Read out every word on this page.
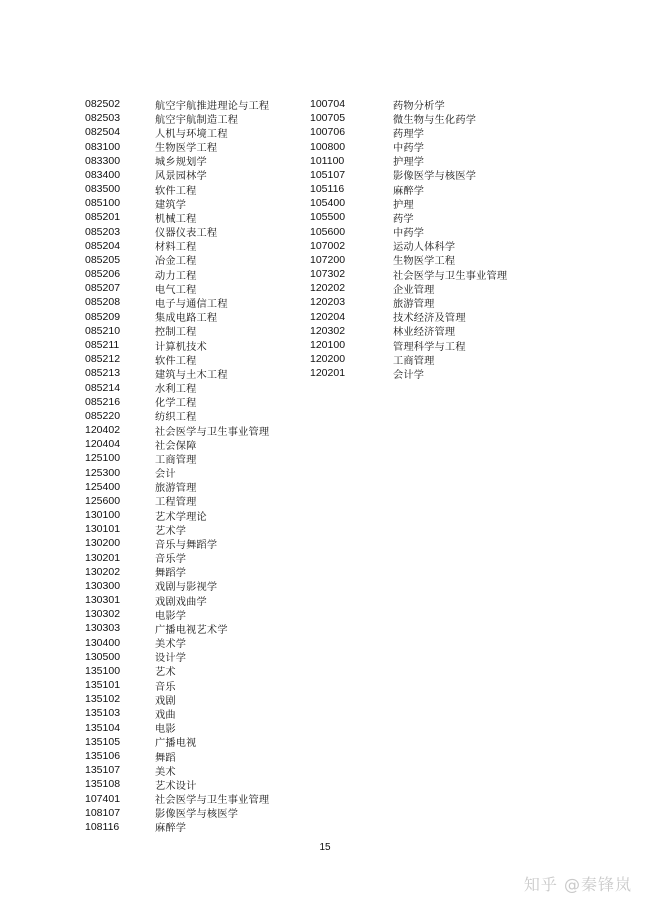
082502	航空宇航推进理论与工程
082503	航空宇航制造工程
082504	人机与环境工程
083100	生物医学工程
083300	城乡规划学
083400	风景园林学
083500	软件工程
085100	建筑学
085201	机械工程
085203	仪器仪表工程
085204	材料工程
085205	冶金工程
085206	动力工程
085207	电气工程
085208	电子与通信工程
085209	集成电路工程
085210	控制工程
085211	计算机技术
085212	软件工程
085213	建筑与土木工程
085214	水利工程
085216	化学工程
085220	纺织工程
120402	社会医学与卫生事业管理
120404	社会保障
125100	工商管理
125300	会计
125400	旅游管理
125600	工程管理
130100	艺术学理论
130101	艺术学
130200	音乐与舞蹈学
130201	音乐学
130202	舞蹈学
130300	戏剧与影视学
130301	戏剧戏曲学
130302	电影学
130303	广播电视艺术学
130400	美术学
130500	设计学
135100	艺术
135101	音乐
135102	戏剧
135103	戏曲
135104	电影
135105	广播电视
135106	舞蹈
135107	美术
135108	艺术设计
107401	社会医学与卫生事业管理
108107	影像医学与核医学
108116	麻醉学
100704	药物分析学
100705	微生物与生化药学
100706	药理学
100800	中药学
101100	护理学
105107	影像医学与核医学
105116	麻醉学
105400	护理
105500	药学
105600	中药学
107002	运动人体科学
107200	生物医学工程
107302	社会医学与卫生事业管理
120202	企业管理
120203	旅游管理
120204	技术经济及管理
120302	林业经济管理
120100	管理科学与工程
120200	工商管理
120201	会计学
15
知乎 @秦锋岚
